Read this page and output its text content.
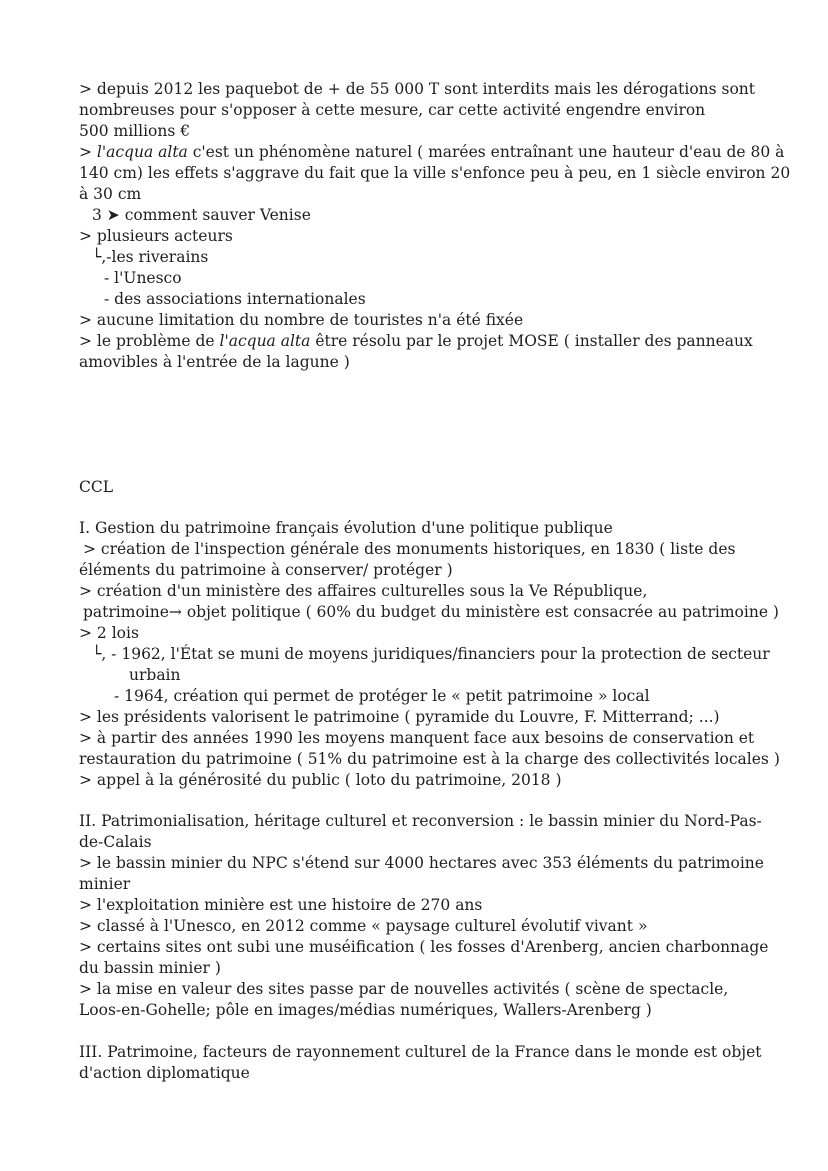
> depuis 2012 les paquebot de + de 55 000 T sont interdits mais les dérogations sont
nombreuses pour s'opposer à cette mesure, car cette activité engendre environ
500 millions €
> l'acqua alta c'est un phénomène naturel ( marées entraînant une hauteur d'eau de 80 à
140 cm) les effets s'aggrave du fait que la ville s'enfonce peu à peu, en 1 siècle environ 20
à 30 cm
3 ➤ comment sauver Venise
> plusieurs acteurs
└,-les riverains
- l'Unesco
- des associations internationales
> aucune limitation du nombre de touristes n'a été fixée
> le problème de l'acqua alta être résolu par le projet MOSE ( installer des panneaux
amovibles à l'entrée de la lagune )
CCL
I. Gestion du patrimoine français évolution d'une politique publique
> création de l'inspection générale des monuments historiques, en 1830 ( liste des
éléments du patrimoine à conserver/ protéger )
> création d'un ministère des affaires culturelles sous la Ve République,
patrimoine→ objet politique ( 60% du budget du ministère est consacrée au patrimoine )
> 2 lois
└, - 1962, l'État se muni de moyens juridiques/financiers pour la protection de secteur
urbain
- 1964, création qui permet de protéger le « petit patrimoine » local
> les présidents valorisent le patrimoine ( pyramide du Louvre, F. Mitterrand; ...)
> à partir des années 1990 les moyens manquent face aux besoins de conservation et
restauration du patrimoine ( 51% du patrimoine est à la charge des collectivités locales )
> appel à la générosité du public ( loto du patrimoine, 2018 )
II. Patrimonialisation, héritage culturel et reconversion : le bassin minier du Nord-Pas-
de-Calais
> le bassin minier du NPC s'étend sur 4000 hectares avec 353 éléments du patrimoine
minier
> l'exploitation minière est une histoire de 270 ans
> classé à l'Unesco, en 2012 comme « paysage culturel évolutif vivant »
> certains sites ont subi une muséification ( les fosses d'Arenberg, ancien charbonnage
du bassin minier )
> la mise en valeur des sites passe par de nouvelles activités ( scène de spectacle,
Loos-en-Gohelle; pôle en images/médias numériques, Wallers-Arenberg )
III. Patrimoine, facteurs de rayonnement culturel de la France dans le monde est objet
d'action diplomatique
